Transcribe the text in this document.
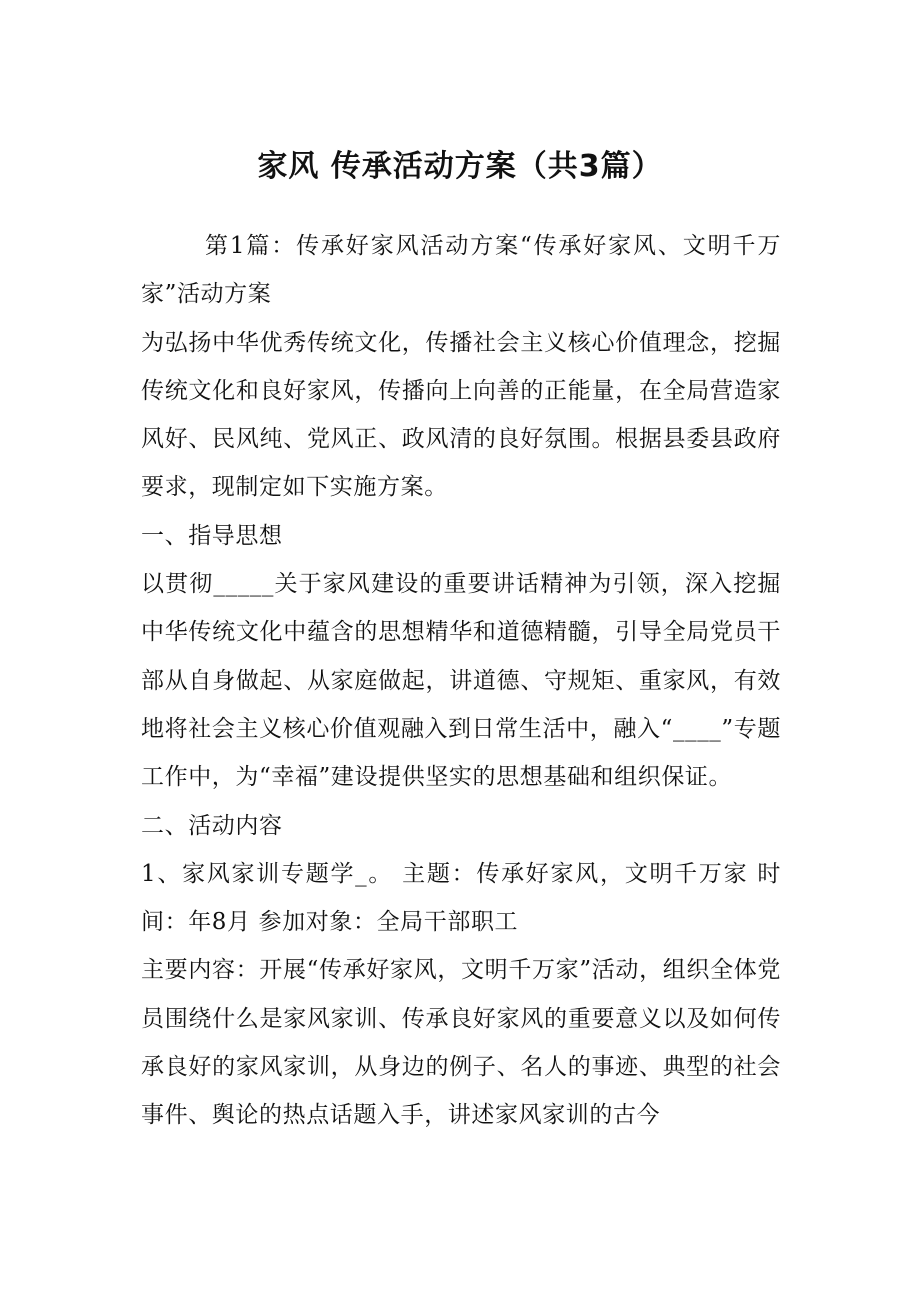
家风 传承活动方案（共3篇）

第1篇：传承好家风活动方案“传承好家风、文明千万家”活动方案

为弘扬中华优秀传统文化，传播社会主义核心价值理念，挖掘传统文化和良好家风，传播向上向善的正能量，在全局营造家风好、民风纯、党风正、政风清的良好氛围。根据县委县政府要求，现制定如下实施方案。

一、指导思想

以贯彻_____关于家风建设的重要讲话精神为引领，深入挖掘中华传统文化中蕴含的思想精华和道德精髓，引导全局党员干部从自身做起、从家庭做起，讲道德、守规矩、重家风，有效地将社会主义核心价值观融入到日常生活中，融入“____”专题工作中，为“幸福”建设提供坚实的思想基础和组织保证。

二、活动内容

1、家风家训专题学_。 主题：传承好家风，文明千万家 时间：年8月 参加对象：全局干部职工

主要内容：开展“传承好家风，文明千万家”活动，组织全体党员围绕什么是家风家训、传承良好家风的重要意义以及如何传承良好的家风家训，从身边的例子、名人的事迹、典型的社会事件、舆论的热点话题入手，讲述家风家训的古今
